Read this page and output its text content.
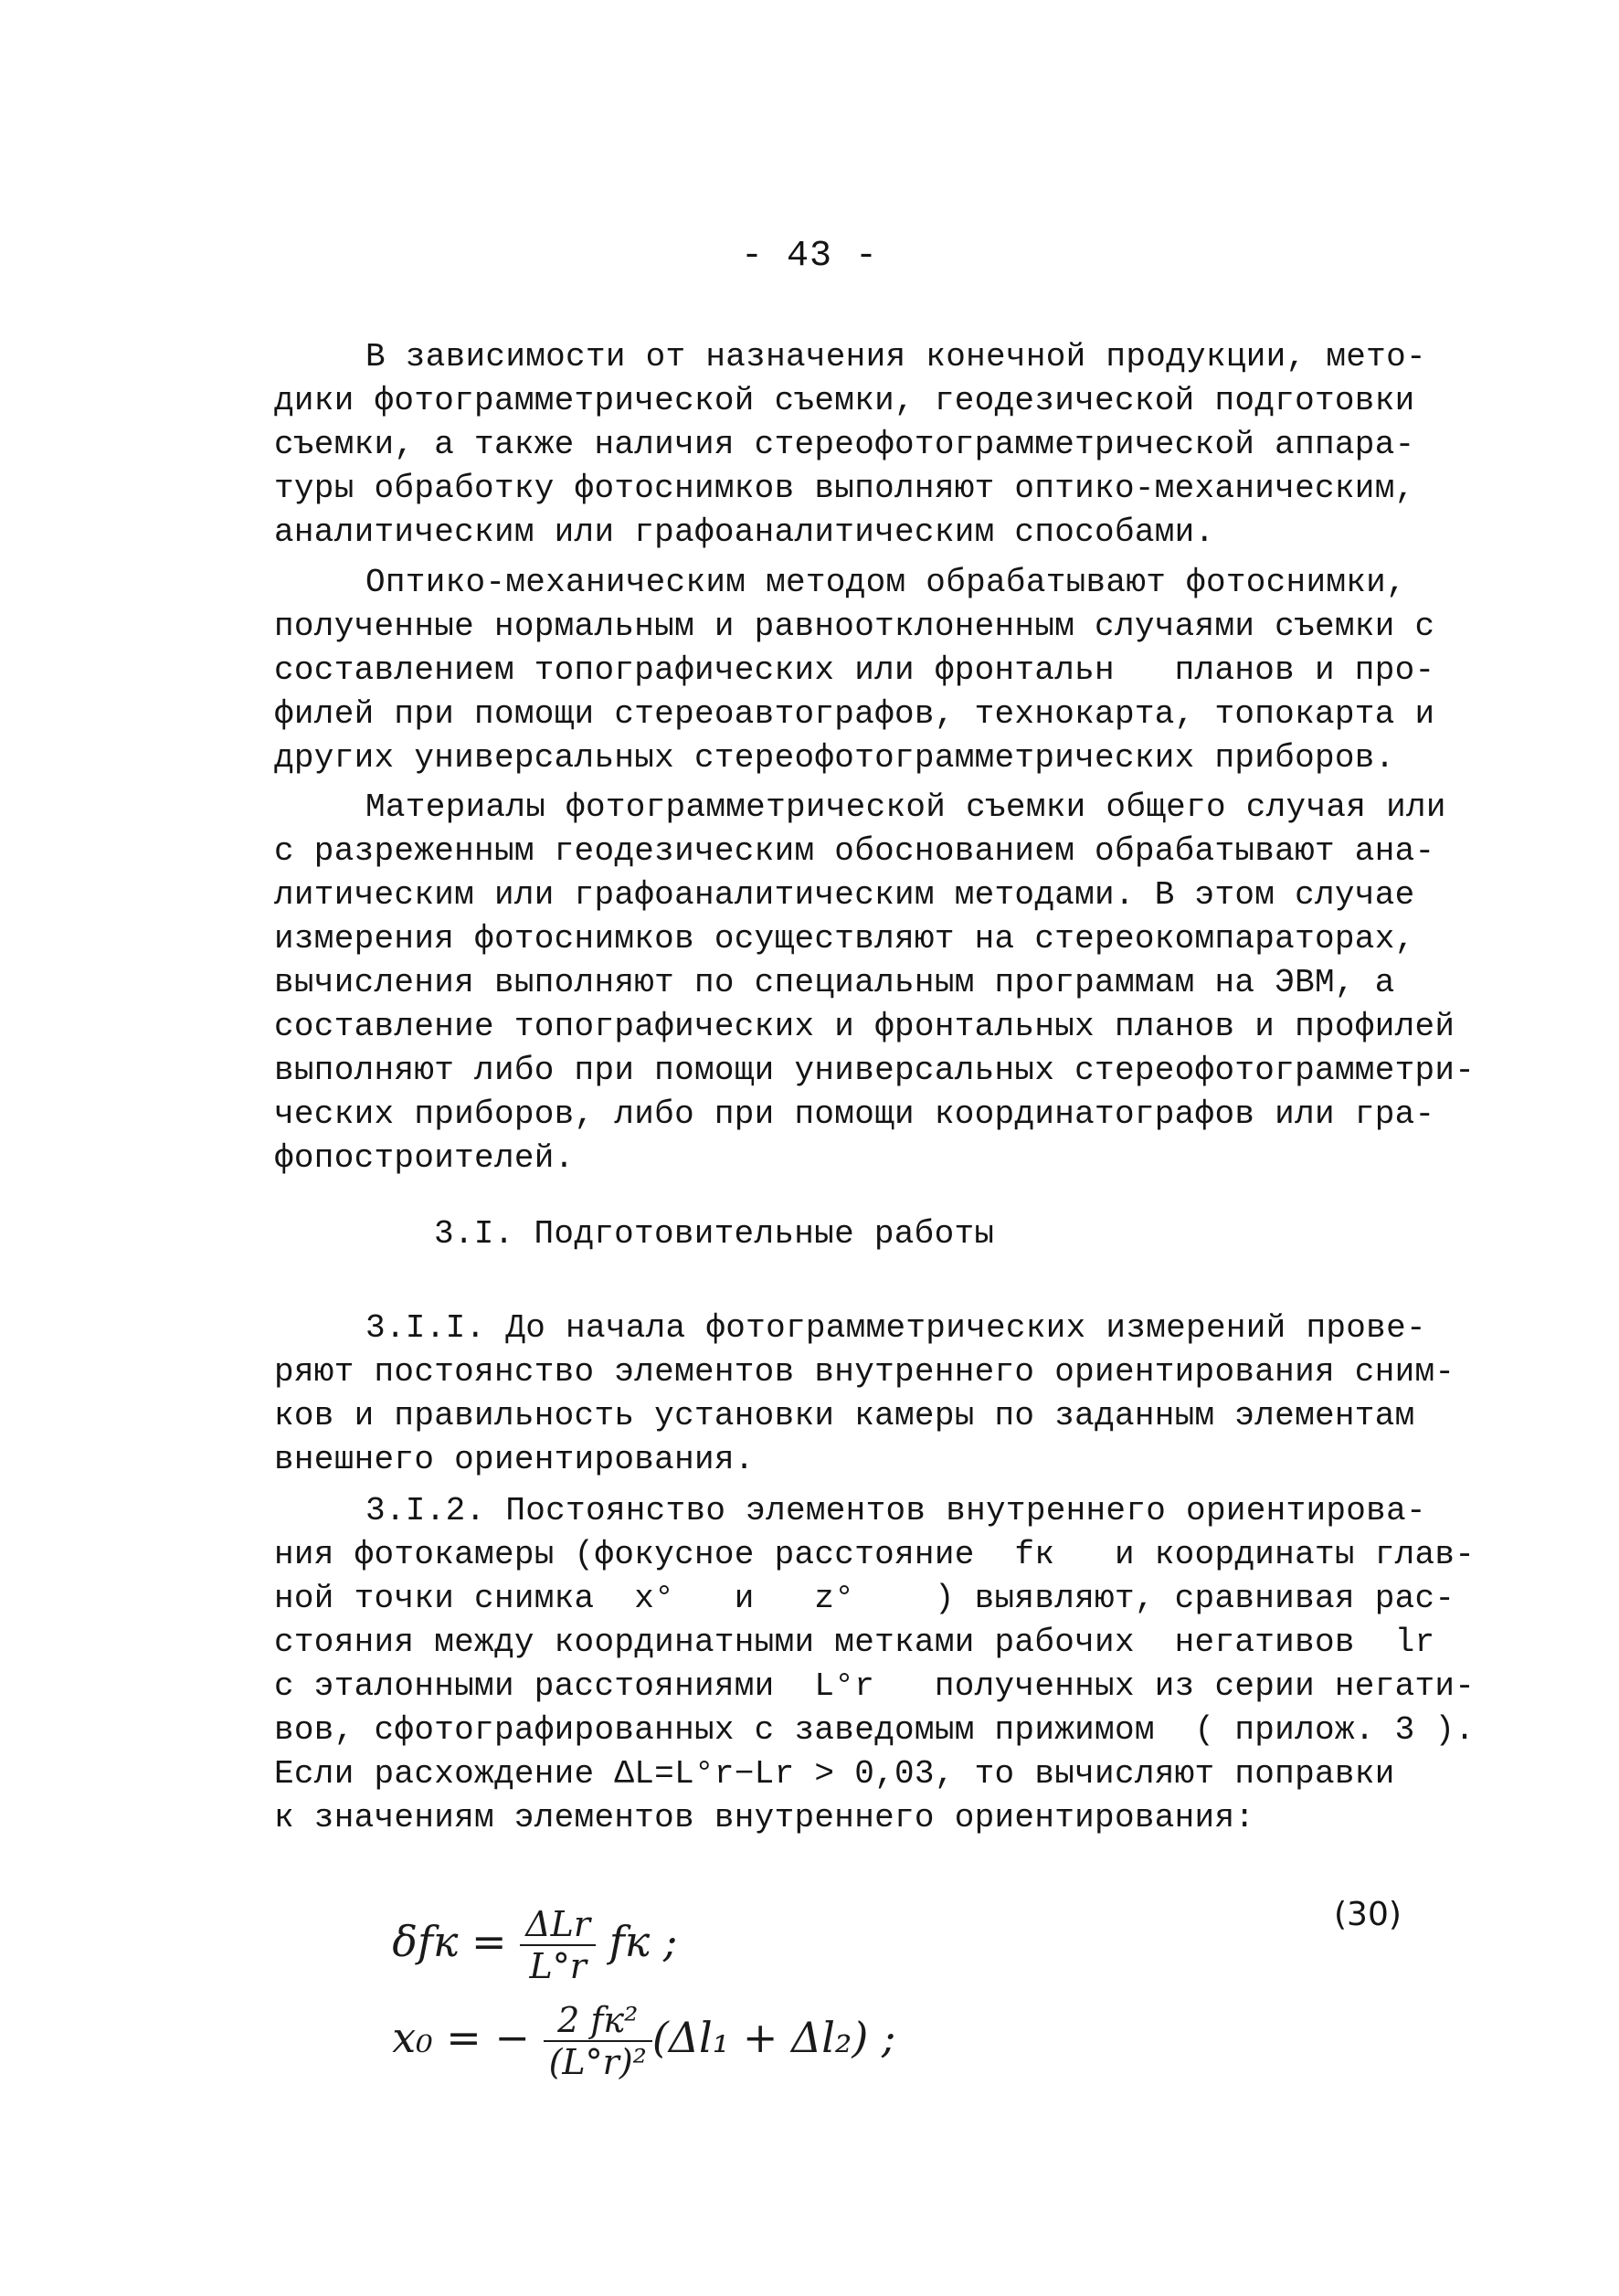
- 43 -
В зависимости от назначения конечной продукции, мето-
дики фотограмметрической съемки, геодезической подготовки
съемки, а также наличия стереофотограмметрической аппара-
туры обработку фотоснимков выполняют оптико-механическим,
аналитическим или графоаналитическим способами.
Оптико-механическим методом обрабатывают фотоснимки,
полученные нормальным и равноотклоненным случаями съемки с
составлением топографических или фронтальн   планов и про-
филей при помощи стереоавтографов, технокарта, топокарта и
других универсальных стереофотограмметрических приборов.
Материалы фотограмметрической съемки общего случая или
с разреженным геодезическим обоснованием обрабатывают ана-
литическим или графоаналитическим методами. В этом случае
измерения фотоснимков осуществляют на стереокомпараторах,
вычисления выполняют по специальным программам на ЭВМ, а
составление топографических и фронтальных планов и профилей
выполняют либо при помощи универсальных стереофотограмметри-
ческих приборов, либо при помощи координатографов или гра-
фопостроителей.
3.I. Подготовительные работы
3.I.I. До начала фотограмметрических измерений прове-
ряют постоянство элементов внутреннего ориентирования сним-
ков и правильность установки камеры по заданным элементам
внешнего ориентирования.
3.I.2. Постоянство элементов внутреннего ориентирова-
ния фотокамеры (фокусное расстояние  fк   и координаты глав-
ной точки снимка  x°   и   z°    ) выявляют, сравнивая рас-
стояния между координатными метками рабочих  негативов  lr
с эталонными расстояниями  L°r   полученных из серии негати-
вов, сфотографированных с заведомым прижимом  ( прилож. 3 ).
Если расхождение ΔL=L°r−Lr > 0,03, то вычисляют поправки
к значениям элементов внутреннего ориентирования:

$\delta fк = \frac{\text{ΔLr}}{L^\circ r}$ fк ;

(30)

x₀ = − $\frac{\text{2 fк²}}{\text{(L°r)²}} (\Delta l_1 + \Delta l_2)$ ;
